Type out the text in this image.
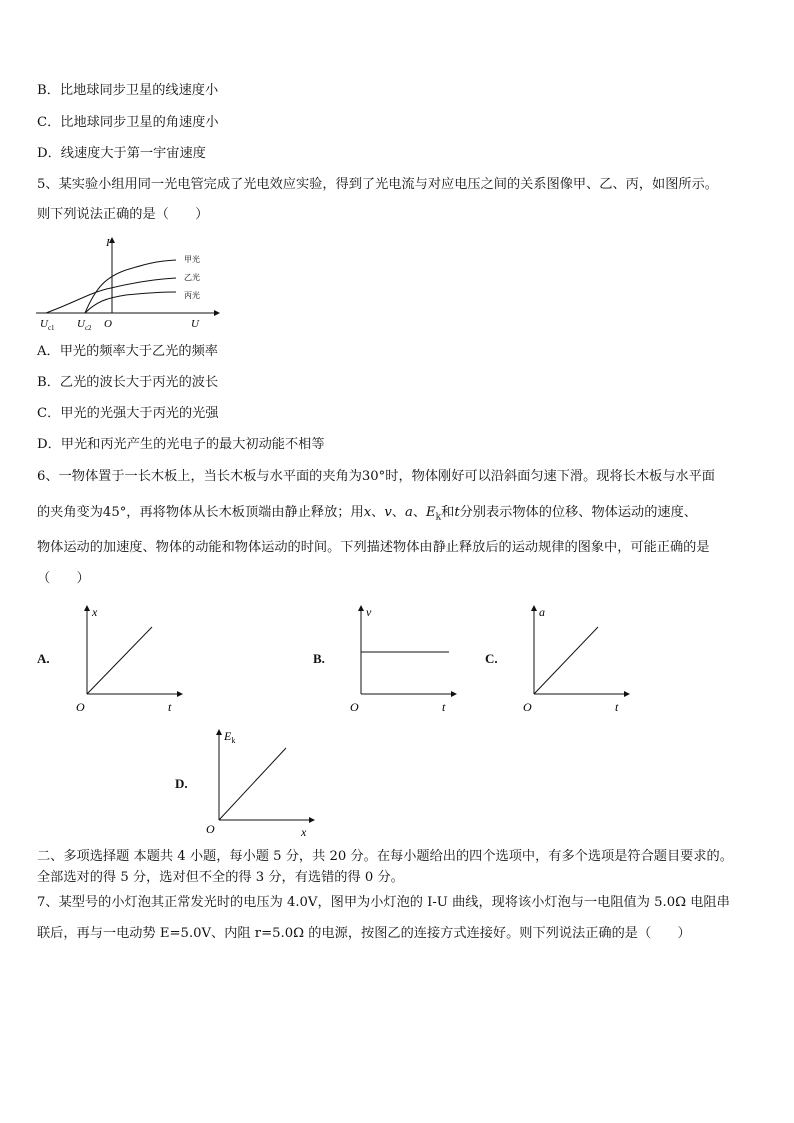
B．比地球同步卫星的线速度小
C．比地球同步卫星的角速度小
D．线速度大于第一宇宙速度
5、某实验小组用同一光电管完成了光电效应实验，得到了光电流与对应电压之间的关系图像甲、乙、丙，如图所示。
则下列说法正确的是（　　）
I
U
O
$U_{c1}$ $U_{c2}$
甲光
乙光
丙光
A．甲光的频率大于乙光的频率
B．乙光的波长大于丙光的波长
C．甲光的光强大于丙光的光强
D．甲光和丙光产生的光电子的最大初动能不相等
6、一物体置于一长木板上，当长木板与水平面的夹角为30°时，物体刚好可以沿斜面匀速下滑。现将长木板与水平面
的夹角变为45°，再将物体从长木板顶端由静止释放；用x、v、a、$E_k$和t分别表示物体的位移、物体运动的速度、
物体运动的加速度、物体的动能和物体运动的时间。下列描述物体由静止释放后的运动规律的图象中，可能正确的是
（　　）
A.
x
t
O
B.
v
t
O
C.
a
t
O
D.
$E_k$
x
O
二、多项选择题 本题共 4 小题，每小题 5 分，共 20 分。在每小题给出的四个选项中，有多个选项是符合题目要求的。
全部选对的得 5 分，选对但不全的得 3 分，有选错的得 0 分。
7、某型号的小灯泡其正常发光时的电压为 4.0V，图甲为小灯泡的 I-U 曲线，现将该小灯泡与一电阻值为 5.0Ω 电阻串
联后，再与一电动势 E=5.0V、内阻 r=5.0Ω 的电源，按图乙的连接方式连接好。则下列说法正确的是（　　）
